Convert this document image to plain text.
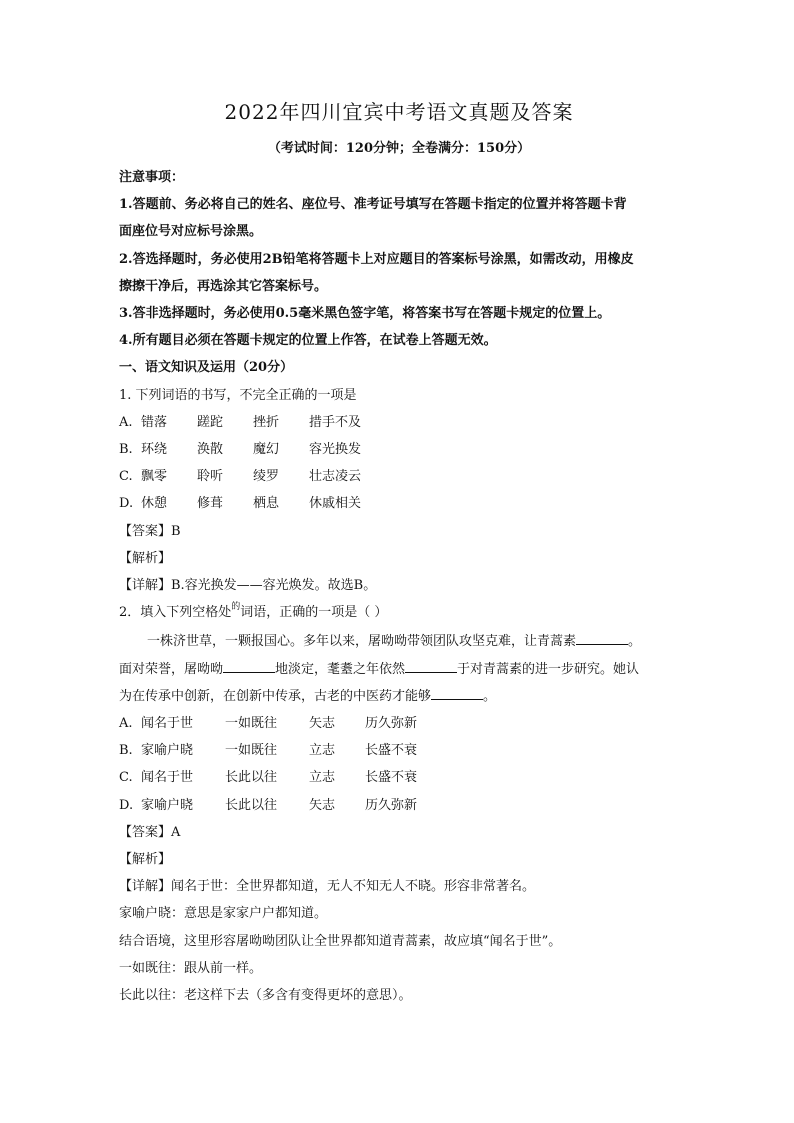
2022年四川宜宾中考语文真题及答案
（考试时间：120分钟；全卷满分：150分）
注意事项：
1.答题前、务必将自己的姓名、座位号、准考证号填写在答题卡指定的位置并将答题卡背
面座位号对应标号涂黑。
2.答选择题时，务必使用2B铅笔将答题卡上对应题目的答案标号涂黑，如需改动，用橡皮
擦擦干净后，再选涂其它答案标号。
3.答非选择题时，务必使用0.5毫米黑色签字笔，将答案书写在答题卡规定的位置上。
4.所有题目必须在答题卡规定的位置上作答，在试卷上答题无效。
一、语文知识及运用（20分）
1. 下列词语的书写，不完全正确的一项是
A. 错落	蹉跎	挫折	措手不及
B. 环绕	涣散	魔幻	容光换发
C. 飘零	聆听	绫罗	壮志凌云
D. 休憩	修葺	栖息	休戚相关
【答案】B
【解析】
【详解】B.容光换发——容光焕发。故选B。
2．填入下列空格处$^的$词语，正确的一项是（ ）
一株济世草，一颗报国心。多年以来，屠呦呦带领团队攻坚克难，让青蒿素	。
面对荣誉，屠呦呦	地淡定，耄耋之年依然	于对青蒿素的进一步研究。她认
为在传承中创新，在创新中传承，古老的中医药才能够	。
A. 闻名于世	一如既往	矢志	历久弥新
B. 家喻户晓	一如既往	立志	长盛不衰
C. 闻名于世	长此以往	立志	长盛不衰
D. 家喻户晓	长此以往	矢志	历久弥新
【答案】A
【解析】
【详解】闻名于世：全世界都知道，无人不知无人不晓。形容非常著名。
家喻户晓：意思是家家户户都知道。
结合语境，这里形容屠呦呦团队让全世界都知道青蒿素，故应填“闻名于世”。
一如既往：跟从前一样。
长此以往：老这样下去（多含有变得更坏的意思）。
